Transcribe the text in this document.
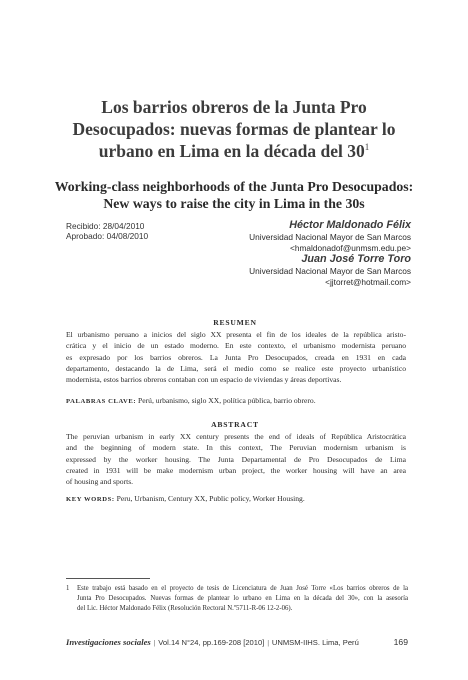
Los barrios obreros de la Junta Pro
Desocupados: nuevas formas de plantear lo
urbano en Lima en la década del $30^1$
Working-class neighborhoods of the Junta Pro Desocupados:
New ways to raise the city in Lima in the 30s
Recibido: 28/04/2010
Aprobado: 04/08/2010
Héctor Maldonado Félix
Universidad Nacional Mayor de San Marcos
<hmaldonadof@unmsm.edu.pe>
Juan José Torre Toro
Universidad Nacional Mayor de San Marcos
<jjtorret@hotmail.com>
RESUMEN
El urbanismo peruano a inicios del siglo XX presenta el fin de los ideales de la república aristo-
crática y el inicio de un estado moderno. En este contexto, el urbanismo modernista peruano
es expresado por los barrios obreros. La Junta Pro Desocupados, creada en 1931 en cada
departamento, destacando la de Lima, será el medio como se realice este proyecto urbanístico
modernista, estos barrios obreros contaban con un espacio de viviendas y áreas deportivas.
PALABRAS CLAVE: Perú, urbanismo, siglo XX, política pública, barrio obrero.
ABSTRACT
The peruvian urbanism in early XX century presents the end of ideals of República Aristocrática
and the beginning of modern state. In this context, The Peruvian modernism urbanism is
expressed by the worker housing. The Junta Departamental de Pro Desocupados de Lima
created in 1931 will be make modernism urban project, the worker housing will have an area
of housing and sports.
KEY WORDS: Peru, Urbanism, Century XX, Public policy, Worker Housing.
1 Este trabajo está basado en el proyecto de tesis de Licenciatura de Juan José Torre «Los barrios obreros de la
Junta Pro Desocupados. Nuevas formas de plantear lo urbano en Lima en la década del 30», con la asesoría
del Lic. Héctor Maldonado Félix (Resolución Rectoral N.º5711-R-06 12-2-06).
Investigaciones sociales | Vol.14 N°24, pp.169-208 [2010] | UNMSM-IIHS. Lima, Perú	169
